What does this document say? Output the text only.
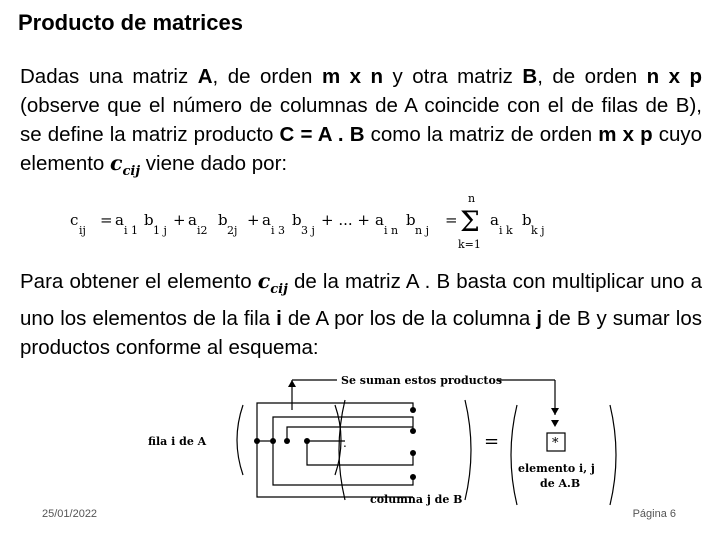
Producto de matrices
Dadas una matriz A, de orden m x n y otra matriz B, de orden n x p (observe que el número de columnas de A coincide con el de filas de B), se define la matriz producto C = A . B como la matriz de orden m x p cuyo elemento $c_{cij}$ viene dado por:
c
ij
= a
i 1
b
1 j
+ a
i2
b
2j
+ a
i 3
b
3 j
+ ... + a
i n
b
n j
=
n
Σ
k=1
a
i k
b
k j
Para obtener el elemento $c_{cij}$ de la matriz A . B basta con multiplicar uno a uno los elementos de la fila i de A por los de la columna j de B y sumar los productos conforme al esquema:
Se suman estos productos
fila i de A
columna j de B
elemento i, j
de A.B
*
=
.
25/01/2022	Página 6
